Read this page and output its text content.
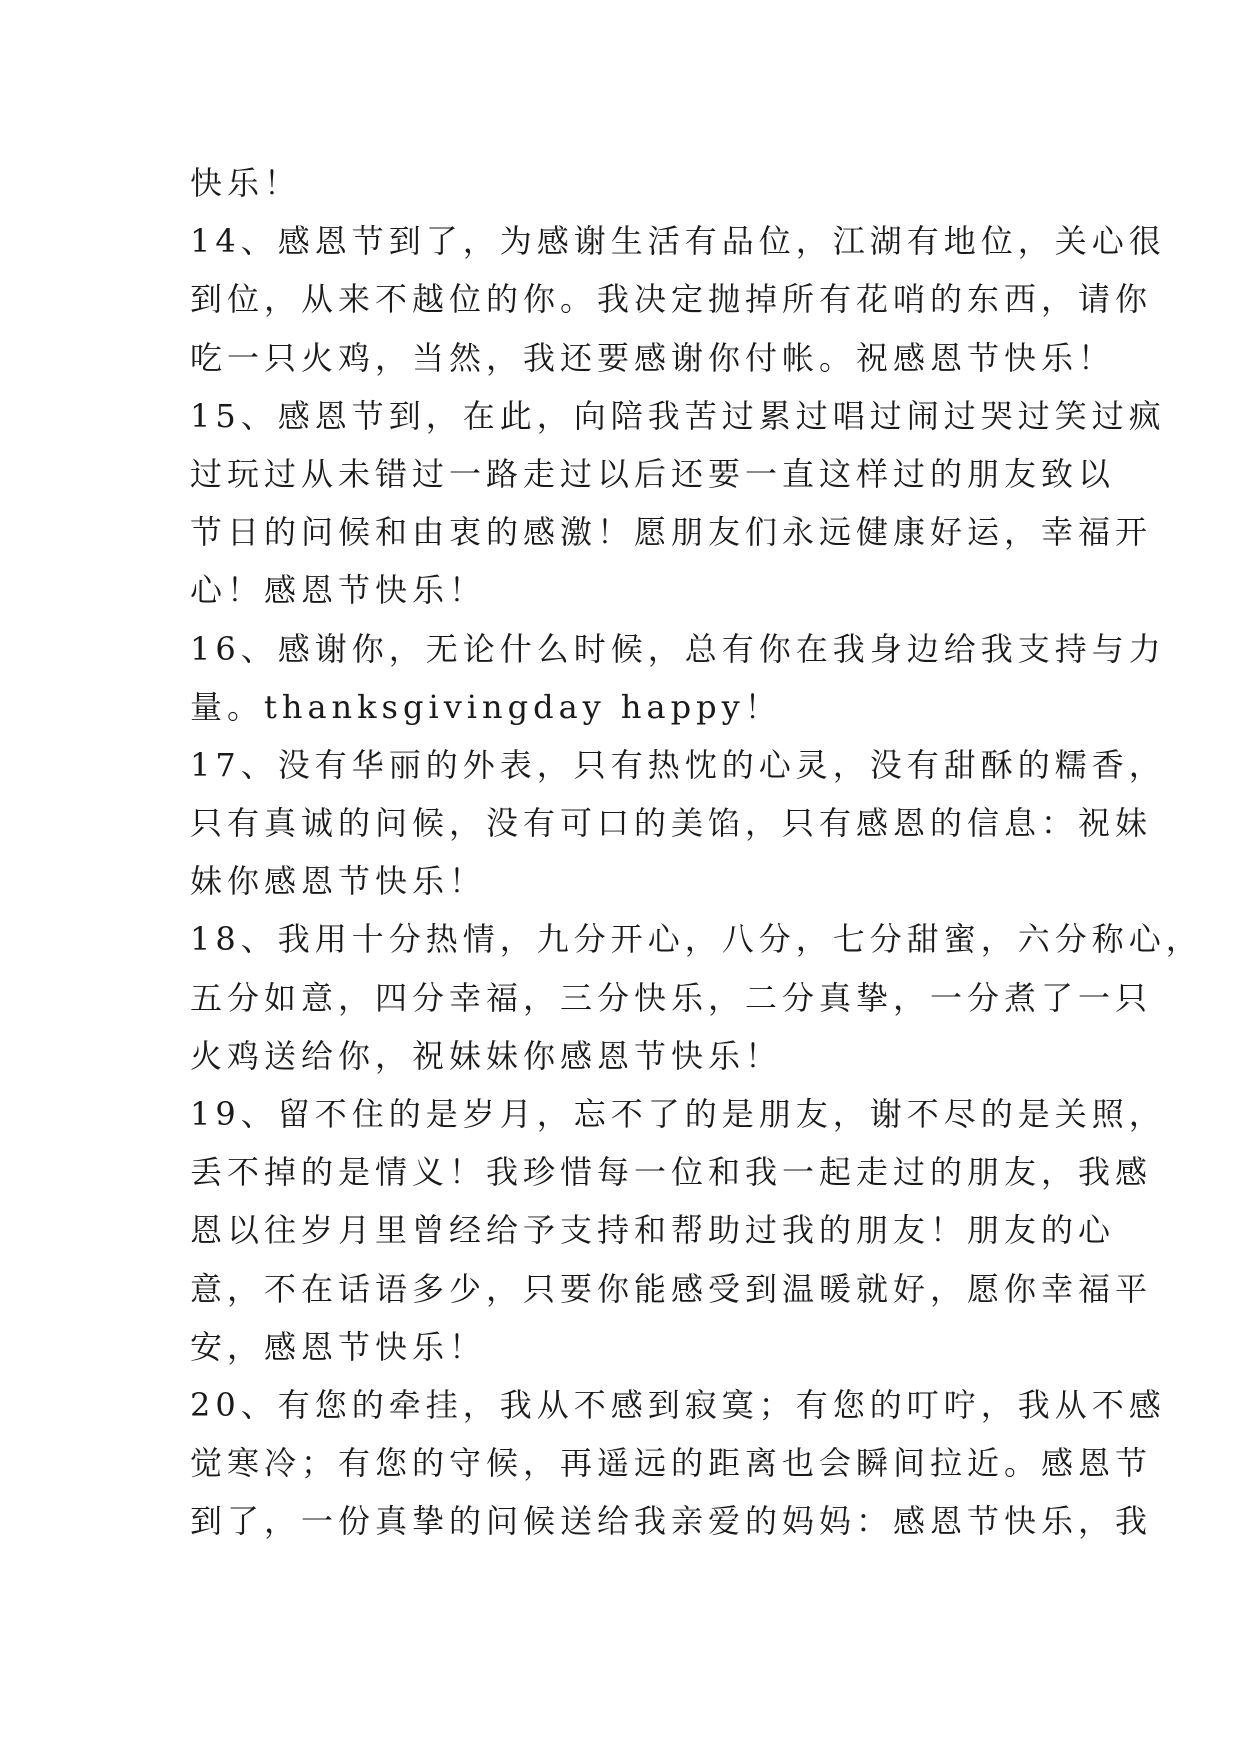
快乐！
14、感恩节到了，为感谢生活有品位，江湖有地位，关心很
到位，从来不越位的你。我决定抛掉所有花哨的东西，请你
吃一只火鸡，当然，我还要感谢你付帐。祝感恩节快乐！
15、感恩节到，在此，向陪我苦过累过唱过闹过哭过笑过疯
过玩过从未错过一路走过以后还要一直这样过的朋友致以
节日的问候和由衷的感激！愿朋友们永远健康好运，幸福开
心！感恩节快乐！
16、感谢你，无论什么时候，总有你在我身边给我支持与力
量。thanksgivingday happy！
17、没有华丽的外表，只有热忱的心灵，没有甜酥的糯香，
只有真诚的问候，没有可口的美馅，只有感恩的信息：祝妹
妹你感恩节快乐！
18、我用十分热情，九分开心，八分，七分甜蜜，六分称心，
五分如意，四分幸福，三分快乐，二分真挚，一分煮了一只
火鸡送给你，祝妹妹你感恩节快乐！
19、留不住的是岁月，忘不了的是朋友，谢不尽的是关照，
丢不掉的是情义！我珍惜每一位和我一起走过的朋友，我感
恩以往岁月里曾经给予支持和帮助过我的朋友！朋友的心
意，不在话语多少，只要你能感受到温暖就好，愿你幸福平
安，感恩节快乐！
20、有您的牵挂，我从不感到寂寞；有您的叮咛，我从不感
觉寒冷；有您的守候，再遥远的距离也会瞬间拉近。感恩节
到了，一份真挚的问候送给我亲爱的妈妈：感恩节快乐，我
